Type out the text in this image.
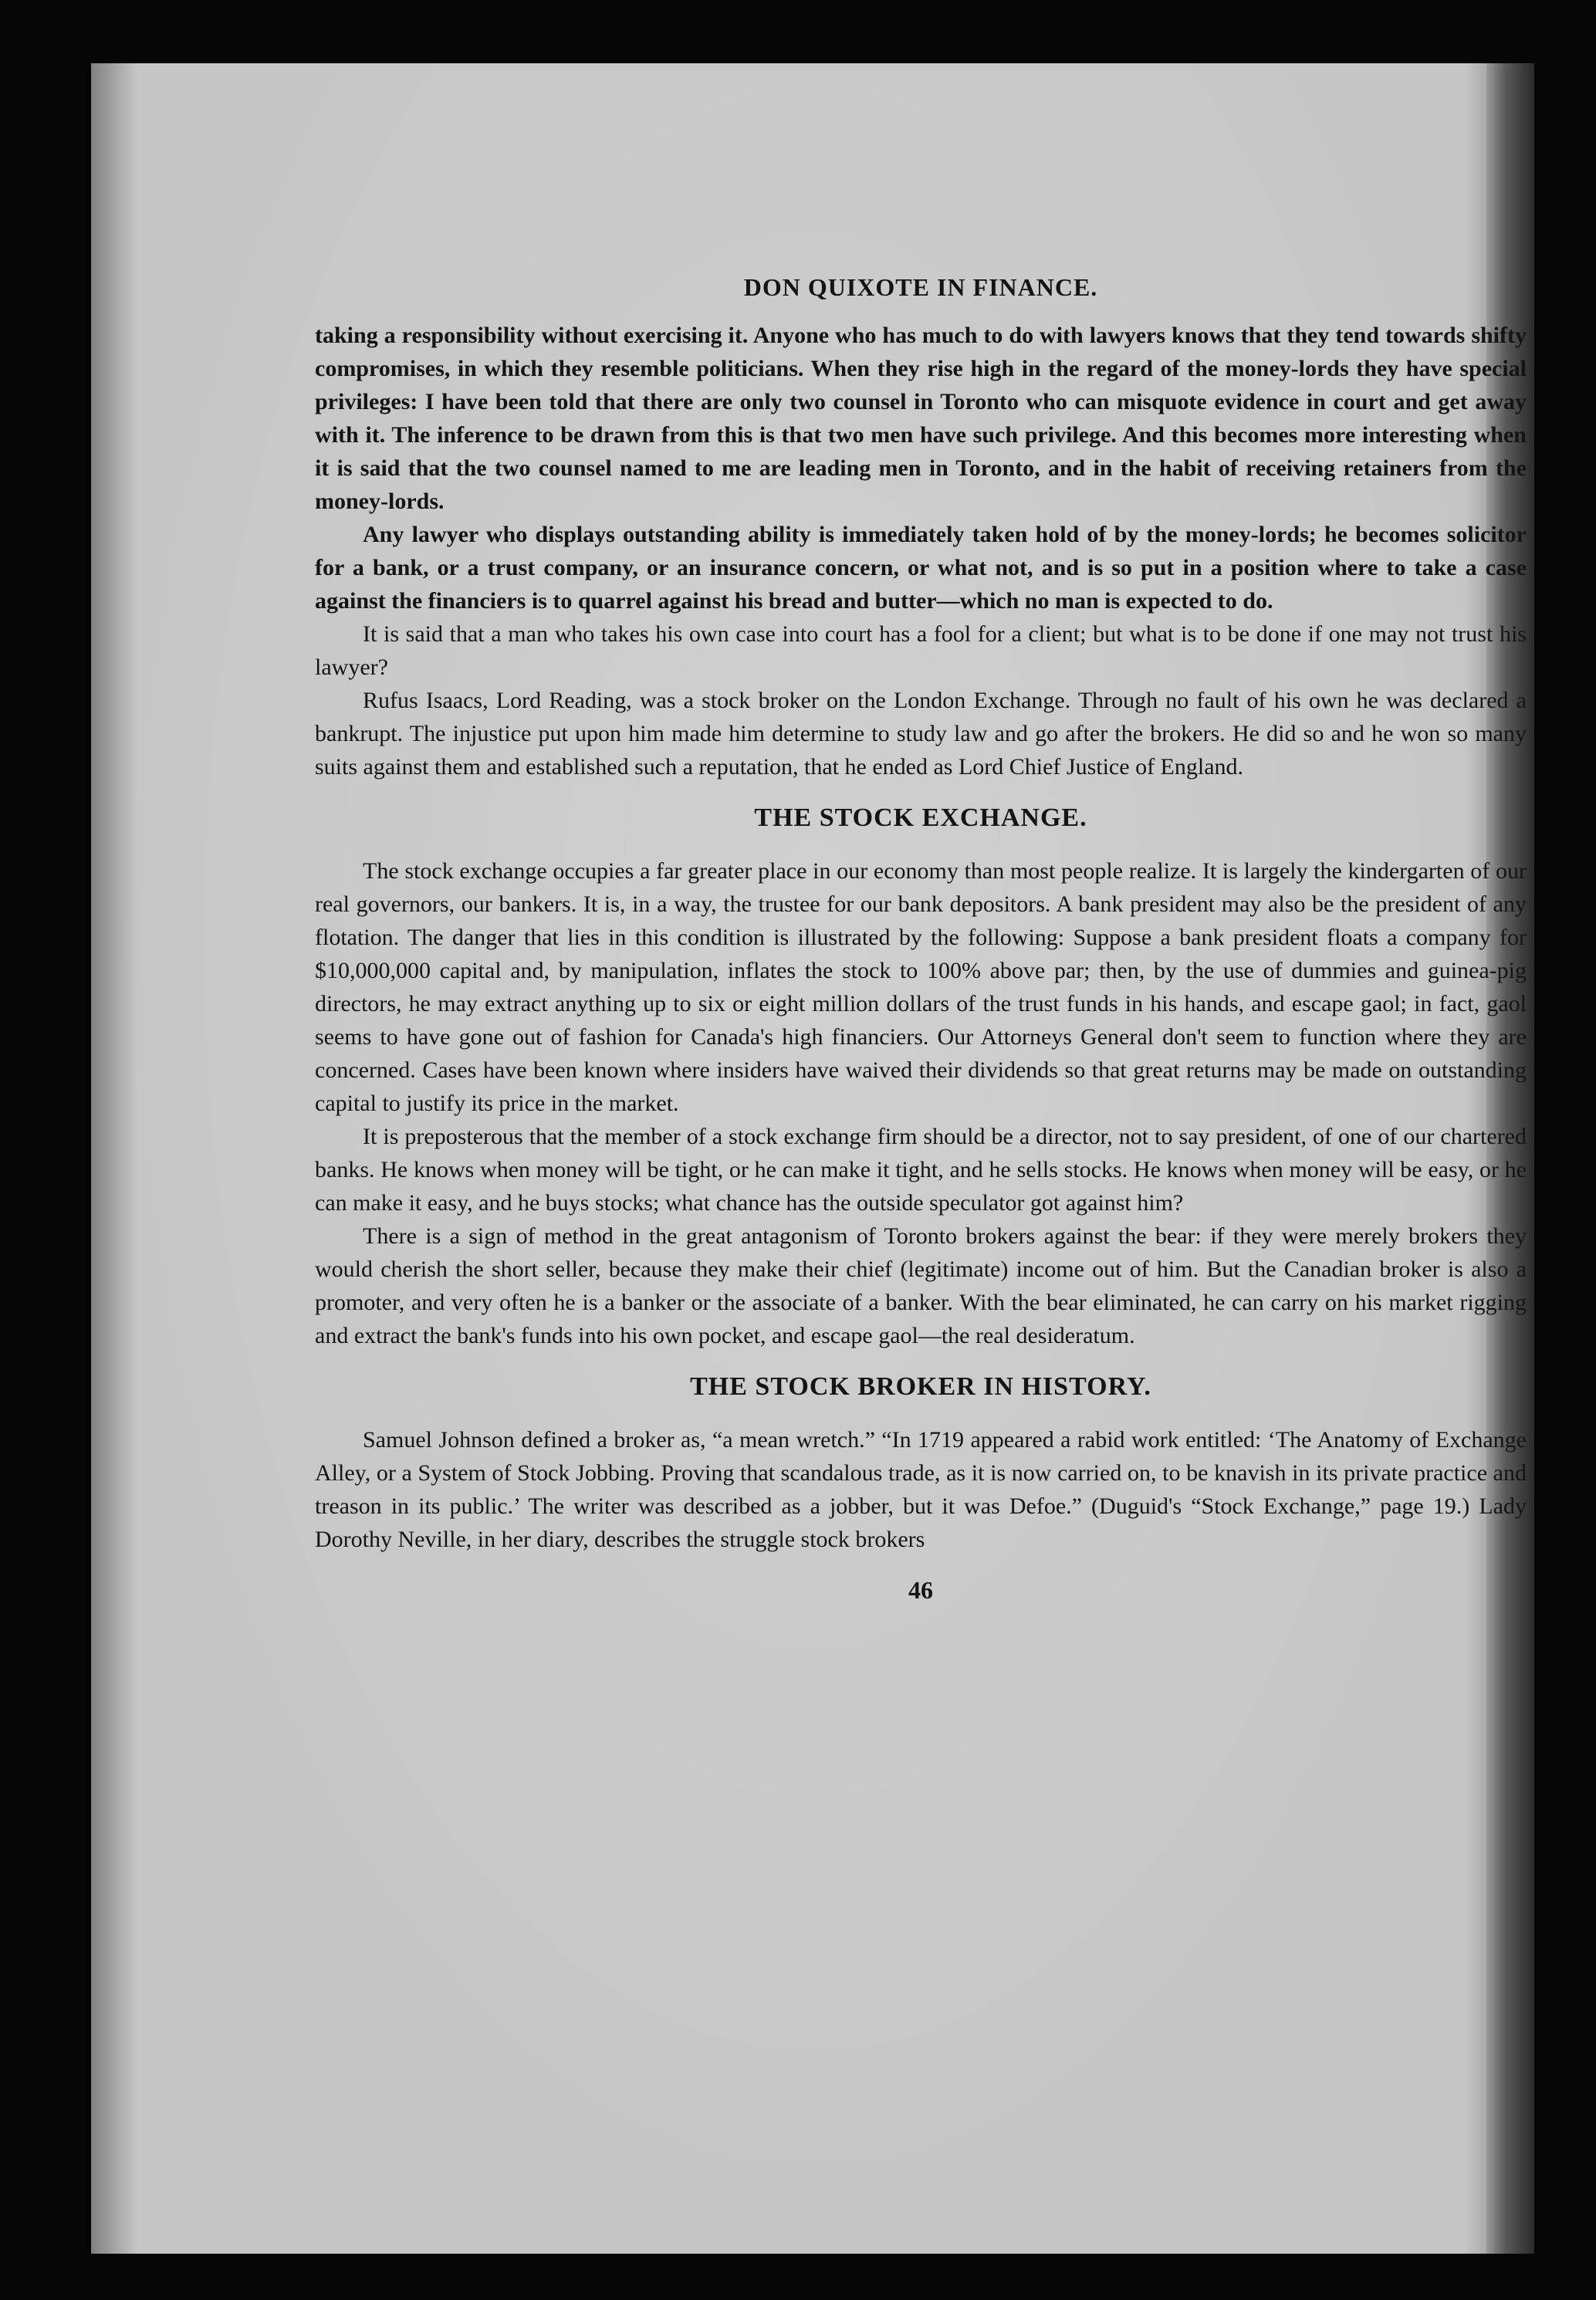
DON QUIXOTE IN FINANCE.

taking a responsibility without exercising it. Anyone who has much to do with lawyers knows that they tend towards shifty compromises, in which they resemble politicians. When they rise high in the regard of the money-lords they have special privileges: I have been told that there are only two counsel in Toronto who can misquote evidence in court and get away with it. The inference to be drawn from this is that two men have such privilege. And this becomes more interesting when it is said that the two counsel named to me are leading men in Toronto, and in the habit of receiving retainers from the money-lords.

Any lawyer who displays outstanding ability is immediately taken hold of by the money-lords; he becomes solicitor for a bank, or a trust company, or an insurance concern, or what not, and is so put in a position where to take a case against the financiers is to quarrel against his bread and butter—which no man is expected to do.

It is said that a man who takes his own case into court has a fool for a client; but what is to be done if one may not trust his lawyer?

Rufus Isaacs, Lord Reading, was a stock broker on the London Exchange. Through no fault of his own he was declared a bankrupt. The injustice put upon him made him determine to study law and go after the brokers. He did so and he won so many suits against them and established such a reputation, that he ended as Lord Chief Justice of England.

THE STOCK EXCHANGE.

The stock exchange occupies a far greater place in our economy than most people realize. It is largely the kindergarten of our real governors, our bankers. It is, in a way, the trustee for our bank depositors. A bank president may also be the president of any flotation. The danger that lies in this condition is illustrated by the following: Suppose a bank president floats a company for $10,000,000 capital and, by manipulation, inflates the stock to 100% above par; then, by the use of dummies and guinea-pig directors, he may extract anything up to six or eight million dollars of the trust funds in his hands, and escape gaol; in fact, gaol seems to have gone out of fashion for Canada's high financiers. Our Attorneys General don't seem to function where they are concerned. Cases have been known where insiders have waived their dividends so that great returns may be made on outstanding capital to justify its price in the market.

It is preposterous that the member of a stock exchange firm should be a director, not to say president, of one of our chartered banks. He knows when money will be tight, or he can make it tight, and he sells stocks. He knows when money will be easy, or he can make it easy, and he buys stocks; what chance has the outside speculator got against him?

There is a sign of method in the great antagonism of Toronto brokers against the bear: if they were merely brokers they would cherish the short seller, because they make their chief (legitimate) income out of him. But the Canadian broker is also a promoter, and very often he is a banker or the associate of a banker. With the bear eliminated, he can carry on his market rigging and extract the bank's funds into his own pocket, and escape gaol—the real desideratum.

THE STOCK BROKER IN HISTORY.

Samuel Johnson defined a broker as, “a mean wretch.” “In 1719 appeared a rabid work entitled: ‘The Anatomy of Exchange Alley, or a System of Stock Jobbing. Proving that scandalous trade, as it is now carried on, to be knavish in its private practice and treason in its public.’ The writer was described as a jobber, but it was Defoe.” (Duguid's “Stock Exchange,” page 19.) Lady Dorothy Neville, in her diary, describes the struggle stock brokers

46
